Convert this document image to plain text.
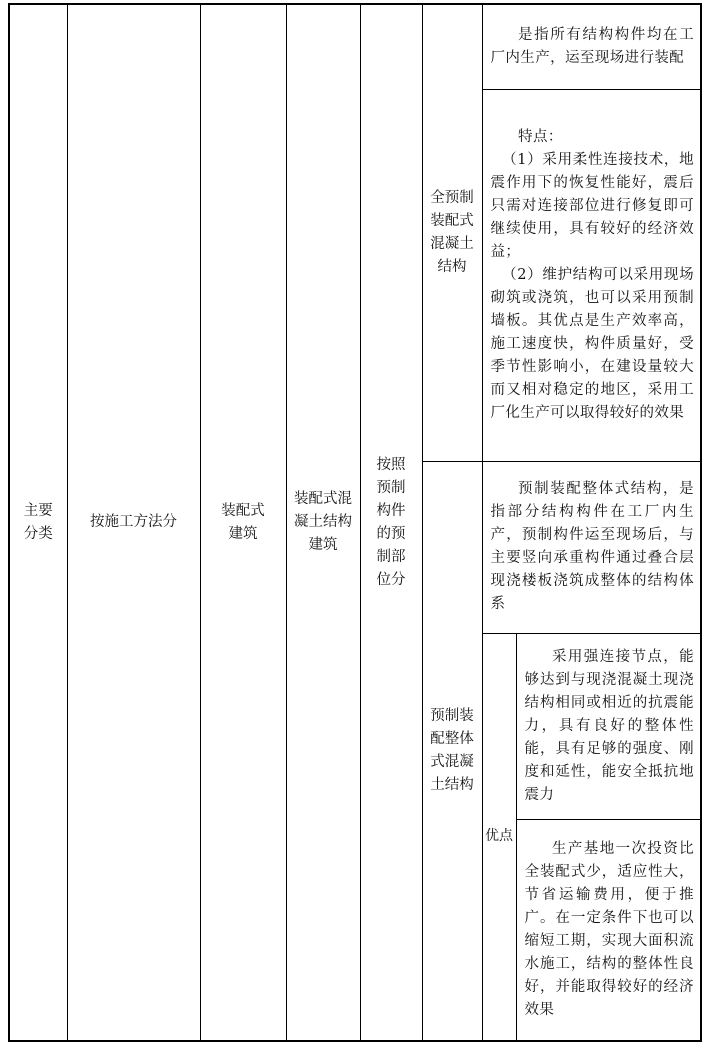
主要分类	按施工方法分	装配式建筑	装配式混凝土结构建筑	按照预制构件的预制部位分	全预制装配式混凝土结构	是指所有结构构件均在工厂内生产，运至现场进行装配	

						特点：

（1）采用柔性连接技术，地震作用下的恢复性能好，震后只需对连接部位进行修复即可继续使用，具有较好的经济效益；

（2）维护结构可以采用现场砌筑或浇筑，也可以采用预制墙板。其优点是生产效率高，施工速度快，构件质量好，受季节性影响小，在建设量较大而又相对稳定的地区，采用工厂化生产可以取得较好的效果	

					预制装配整体式混凝土结构	预制装配整体式结构，是指部分结构构件在工厂内生产，预制构件运至现场后，与主要竖向承重构件通过叠合层现浇楼板浇筑成整体的结构体系	

						优点	采用强连接节点，能够达到与现浇混凝土现浇结构相同或相近的抗震能力，具有良好的整体性能，具有足够的强度、刚度和延性，能安全抵抗地震力

							生产基地一次投资比全装配式少，适应性大，节省运输费用，便于推广。在一定条件下也可以缩短工期，实现大面积流水施工，结构的整体性良好，并能取得较好的经济效果
